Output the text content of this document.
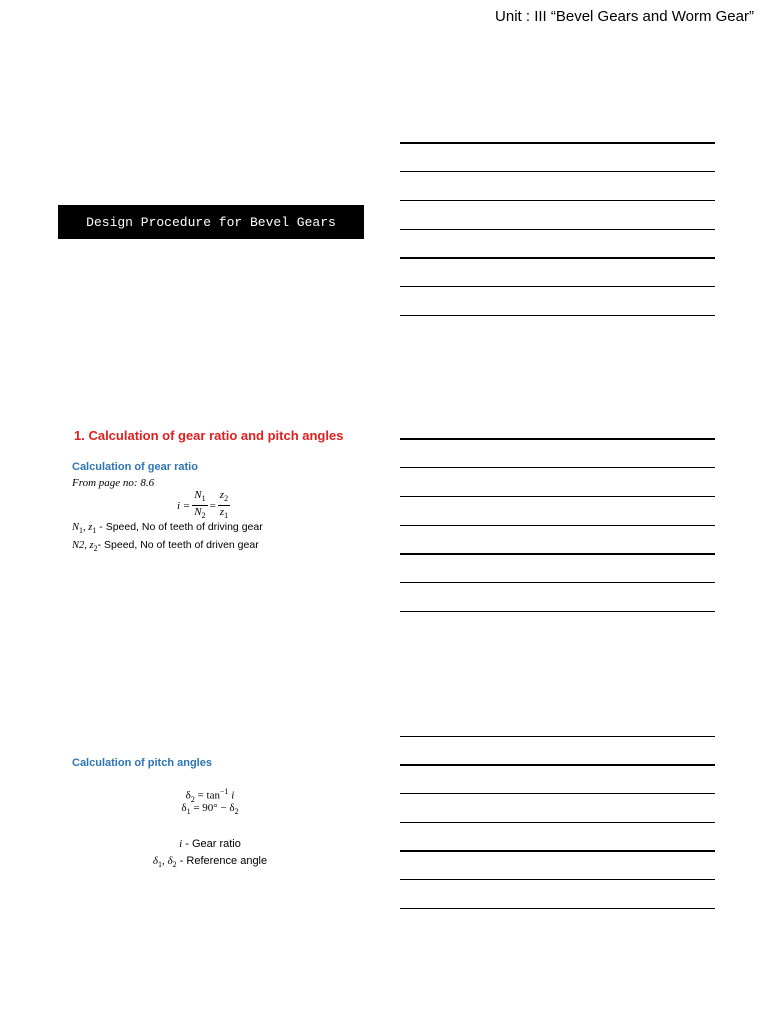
Unit : III “Bevel Gears and Worm Gear”
Design Procedure for Bevel Gears
1. Calculation of gear ratio and pitch angles
Calculation of gear ratio
From page no: 8.6
$i = \frac{N_1}{N_2} = \frac{z_2}{z_1}$
$N_1$, $z_1$ - Speed, No of teeth of driving gear
N2, $z_2-$ Speed, No of teeth of driven gear
Calculation of pitch angles
$\delta_2 = \tan^{-1} i$
$\delta_1 = 90^\circ - \delta_2$
i - Gear ratio
$\delta_1$, $\delta_2$ - Reference angle
